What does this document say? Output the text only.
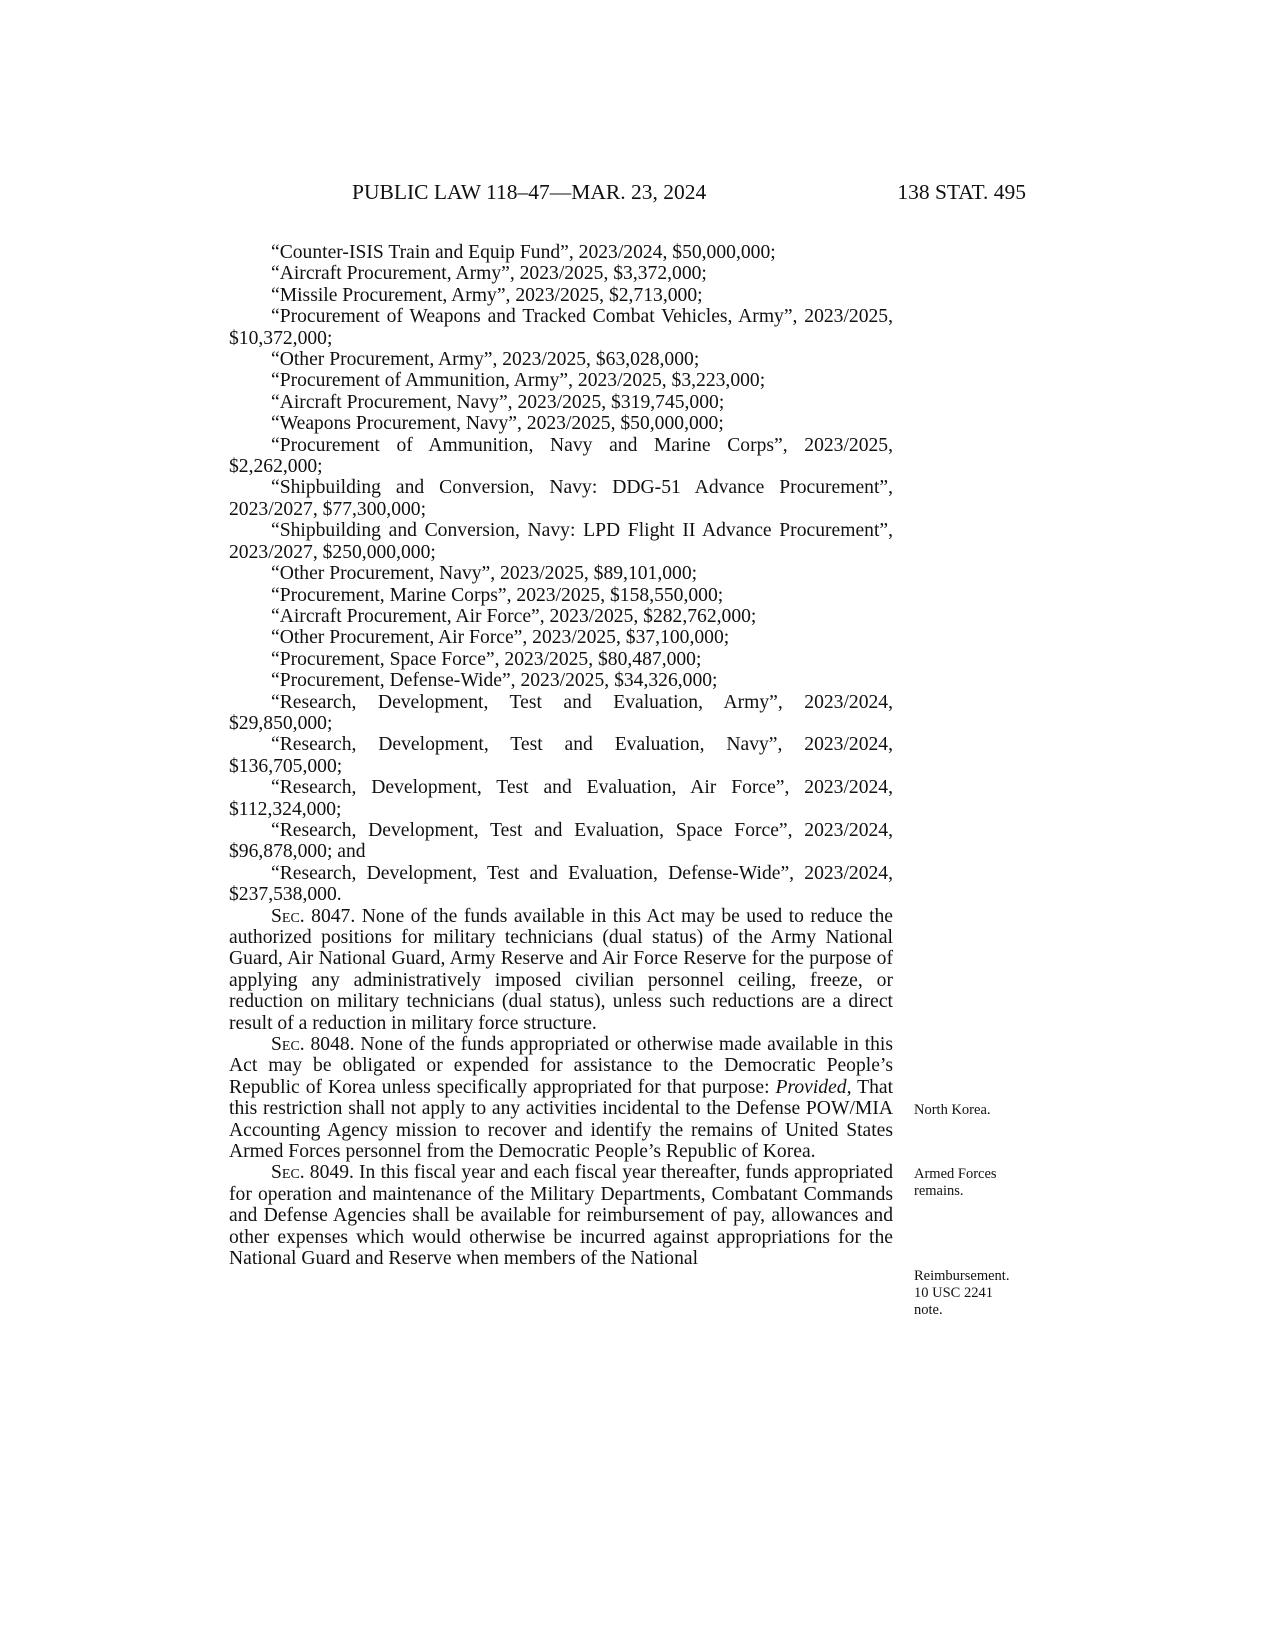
PUBLIC LAW 118–47—MAR. 23, 2024	138 STAT. 495

“Counter-ISIS Train and Equip Fund”, 2023/2024, $50,000,000;

“Aircraft Procurement, Army”, 2023/2025, $3,372,000;

“Missile Procurement, Army”, 2023/2025, $2,713,000;

“Procurement of Weapons and Tracked Combat Vehicles, Army”, 2023/2025, $10,372,000;

“Other Procurement, Army”, 2023/2025, $63,028,000;

“Procurement of Ammunition, Army”, 2023/2025, $3,223,000;

“Aircraft Procurement, Navy”, 2023/2025, $319,745,000;

“Weapons Procurement, Navy”, 2023/2025, $50,000,000;

“Procurement of Ammunition, Navy and Marine Corps”, 2023/2025, $2,262,000;

“Shipbuilding and Conversion, Navy: DDG-51 Advance Procurement”, 2023/2027, $77,300,000;

“Shipbuilding and Conversion, Navy: LPD Flight II Advance Procurement”, 2023/2027, $250,000,000;

“Other Procurement, Navy”, 2023/2025, $89,101,000;

“Procurement, Marine Corps”, 2023/2025, $158,550,000;

“Aircraft Procurement, Air Force”, 2023/2025, $282,762,000;

“Other Procurement, Air Force”, 2023/2025, $37,100,000;

“Procurement, Space Force”, 2023/2025, $80,487,000;

“Procurement, Defense-Wide”, 2023/2025, $34,326,000;

“Research, Development, Test and Evaluation, Army”, 2023/2024, $29,850,000;

“Research, Development, Test and Evaluation, Navy”, 2023/2024, $136,705,000;

“Research, Development, Test and Evaluation, Air Force”, 2023/2024, $112,324,000;

“Research, Development, Test and Evaluation, Space Force”, 2023/2024, $96,878,000; and

“Research, Development, Test and Evaluation, Defense-Wide”, 2023/2024, $237,538,000.

Sec. 8047. None of the funds available in this Act may be used to reduce the authorized positions for military technicians (dual status) of the Army National Guard, Air National Guard, Army Reserve and Air Force Reserve for the purpose of applying any administratively imposed civilian personnel ceiling, freeze, or reduction on military technicians (dual status), unless such reductions are a direct result of a reduction in military force structure.

Sec. 8048. None of the funds appropriated or otherwise made available in this Act may be obligated or expended for assistance to the Democratic People’s Republic of Korea unless specifically appropriated for that purpose: Provided, That this restriction shall not apply to any activities incidental to the Defense POW/MIA Accounting Agency mission to recover and identify the remains of United States Armed Forces personnel from the Democratic People’s Republic of Korea.

Sec. 8049. In this fiscal year and each fiscal year thereafter, funds appropriated for operation and maintenance of the Military Departments, Combatant Commands and Defense Agencies shall be available for reimbursement of pay, allowances and other expenses which would otherwise be incurred against appropriations for the National Guard and Reserve when members of the National

North Korea.
Armed Forces
remains.
Reimbursement.
10 USC 2241
note.
